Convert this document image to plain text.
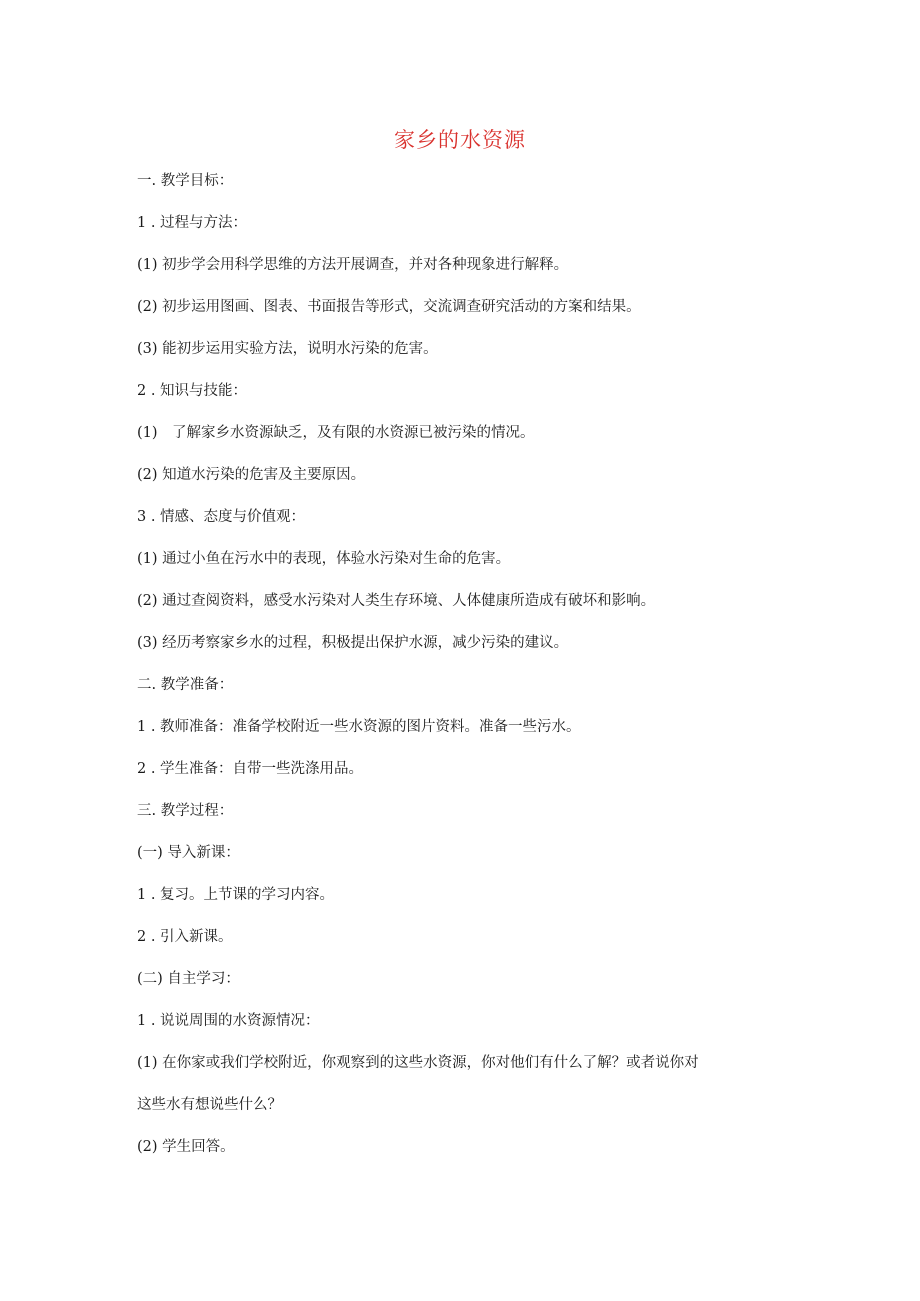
家乡的水资源

一. 教学目标：

1 . 过程与方法：

(1) 初步学会用科学思维的方法开展调查，并对各种现象进行解释。

(2) 初步运用图画、图表、书面报告等形式，交流调查研究活动的方案和结果。

(3) 能初步运用实验方法，说明水污染的危害。

2 . 知识与技能：

(1)　了解家乡水资源缺乏，及有限的水资源已被污染的情况。

(2) 知道水污染的危害及主要原因。

3 . 情感、态度与价值观：

(1) 通过小鱼在污水中的表现，体验水污染对生命的危害。

(2) 通过查阅资料，感受水污染对人类生存环境、人体健康所造成有破坏和影响。

(3) 经历考察家乡水的过程，积极提出保护水源，减少污染的建议。

二. 教学准备：

1 . 教师准备：准备学校附近一些水资源的图片资料。准备一些污水。

2 . 学生准备：自带一些洗涤用品。

三. 教学过程：

(一) 导入新课：

1 . 复习。上节课的学习内容。

2 . 引入新课。

(二) 自主学习：

1 . 说说周围的水资源情况：

(1) 在你家或我们学校附近，你观察到的这些水资源，你对他们有什么了解？或者说你对

这些水有想说些什么？

(2) 学生回答。
